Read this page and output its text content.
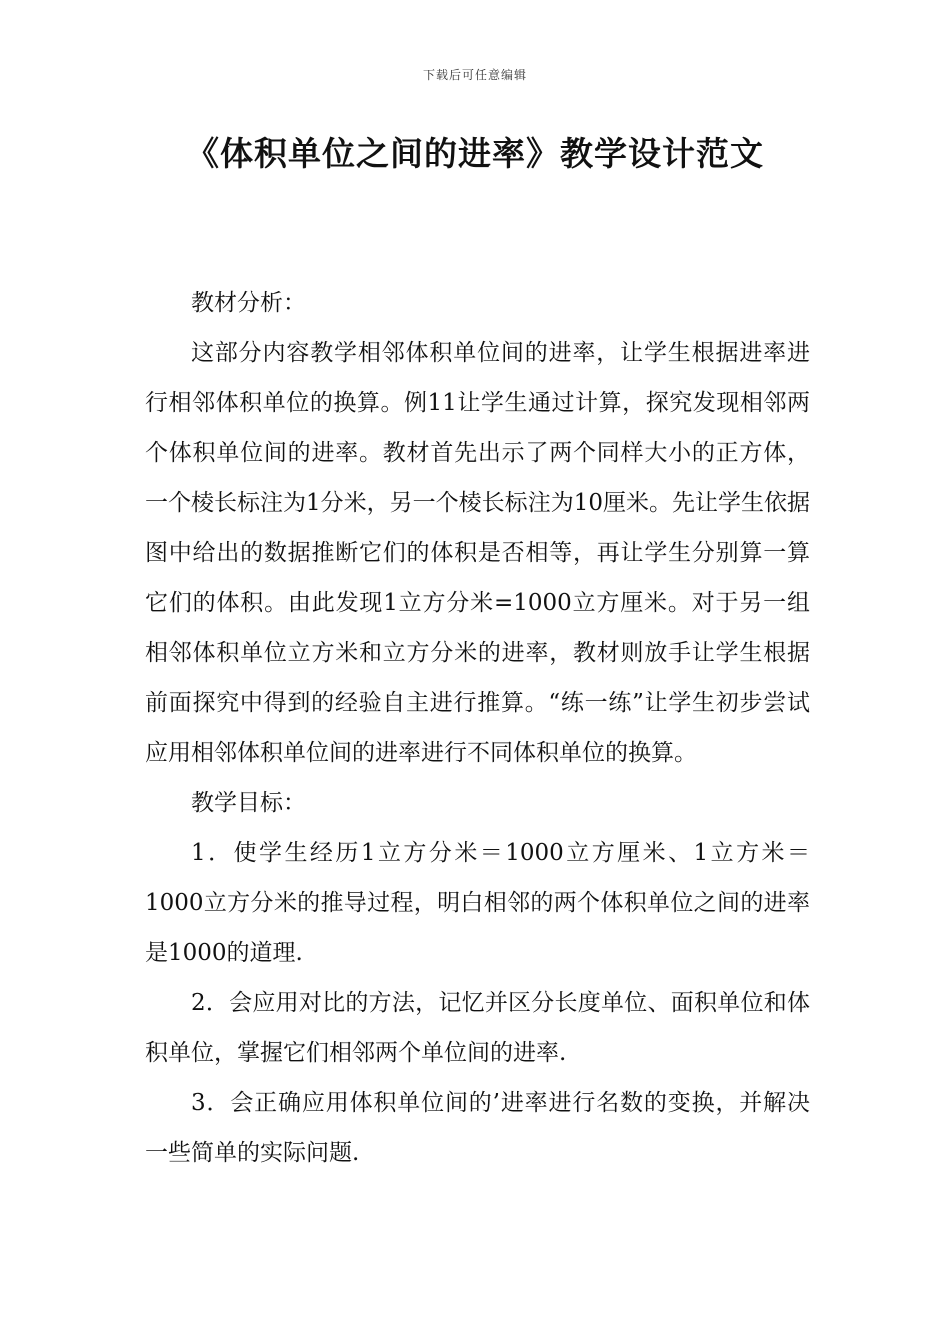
下载后可任意编辑
《体积单位之间的进率》教学设计范文

教材分析：

这部分内容教学相邻体积单位间的进率，让学生根据进率进行相邻体积单位的换算。例11让学生通过计算，探究发现相邻两个体积单位间的进率。教材首先出示了两个同样大小的正方体，一个棱长标注为1分米，另一个棱长标注为10厘米。先让学生依据图中给出的数据推断它们的体积是否相等，再让学生分别算一算它们的体积。由此发现1立方分米=1000立方厘米。对于另一组相邻体积单位立方米和立方分米的进率，教材则放手让学生根据前面探究中得到的经验自主进行推算。“练一练”让学生初步尝试应用相邻体积单位间的进率进行不同体积单位的换算。

教学目标：

1．使学生经历1立方分米＝1000立方厘米、1立方米＝1000立方分米的推导过程，明白相邻的两个体积单位之间的进率是1000的道理.

2．会应用对比的方法，记忆并区分长度单位、面积单位和体积单位，掌握它们相邻两个单位间的进率.

3．会正确应用体积单位间的’进率进行名数的变换，并解决一些简单的实际问题.
